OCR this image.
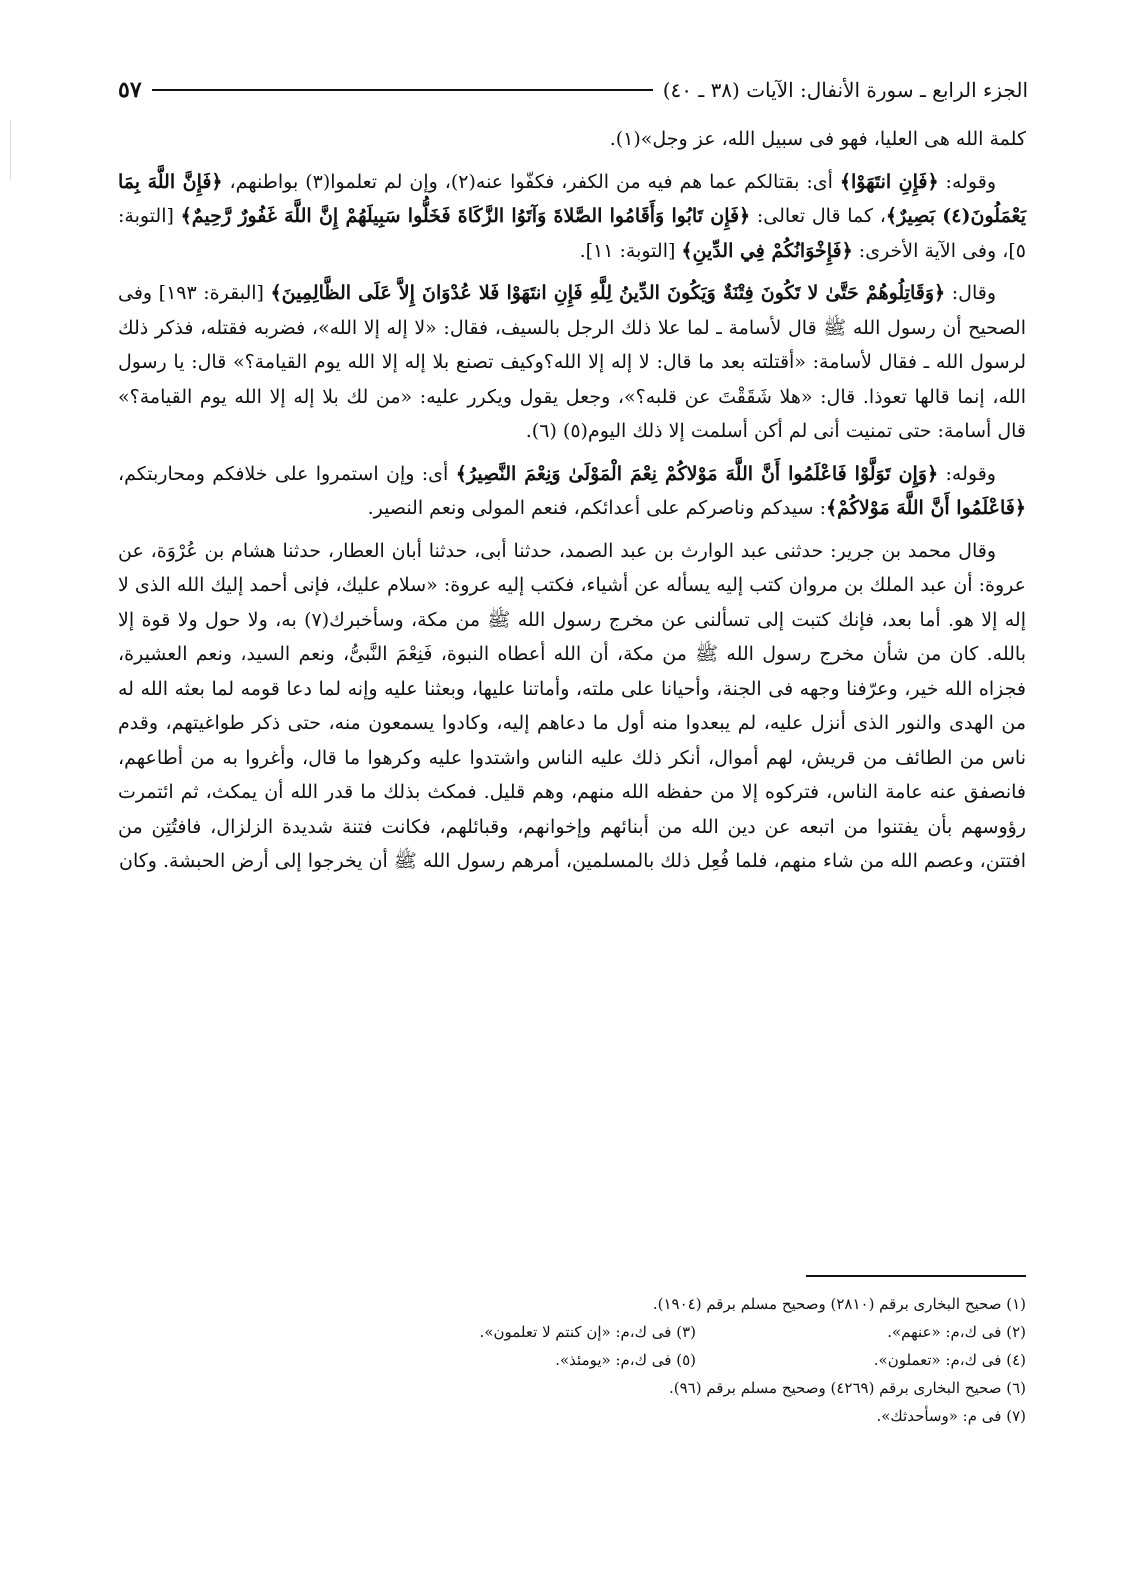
الجزء الرابع ـ سورة الأنفال: الآيات (٣٨ ـ ٤٠)
٥٧

كلمة الله هى العليا، فهو فى سبيل الله، عز وجل»(١).

وقوله: ﴿فَإِنِ انتَهَوْا﴾ أى: بقتالكم عما هم فيه من الكفر، فكفّوا عنه(٢)، وإن لم تعلموا(٣) بواطنهم، ﴿فَإِنَّ اللَّهَ بِمَا يَعْمَلُونَ(٤) بَصِيرٌ﴾، كما قال تعالى: ﴿فَإِن تَابُوا وَأَقَامُوا الصَّلاةَ وَآتَوُا الزَّكَاةَ فَخَلُّوا سَبِيلَهُمْ إِنَّ اللَّهَ غَفُورٌ رَّحِيمٌ﴾ [التوبة: ٥]، وفى الآية الأخرى: ﴿فَإِخْوَانُكُمْ فِي الدِّينِ﴾ [التوبة: ١١].

وقال: ﴿وَقَاتِلُوهُمْ حَتَّىٰ لا تَكُونَ فِتْنَةٌ وَيَكُونَ الدِّينُ لِلَّهِ فَإِنِ انتَهَوْا فَلا عُدْوَانَ إِلاَّ عَلَى الظَّالِمِينَ﴾ [البقرة: ١٩٣] وفى الصحيح أن رسول الله ﷺ قال لأسامة ـ لما علا ذلك الرجل بالسيف، فقال: «لا إله إلا الله»، فضربه فقتله، فذكر ذلك لرسول الله ـ فقال لأسامة: «أقتلته بعد ما قال: لا إله إلا الله؟وكيف تصنع بلا إله إلا الله يوم القيامة؟» قال: يا رسول الله، إنما قالها تعوذا. قال: «هلا شَقَقْتَ عن قلبه؟»، وجعل يقول ويكرر عليه: «من لك بلا إله إلا الله يوم القيامة؟» قال أسامة: حتى تمنيت أنى لم أكن أسلمت إلا ذلك اليوم(٥) (٦).

وقوله: ﴿وَإِن تَوَلَّوْا فَاعْلَمُوا أَنَّ اللَّهَ مَوْلاكُمْ نِعْمَ الْمَوْلَىٰ وَنِعْمَ النَّصِيرُ﴾ أى: وإن استمروا على خلافكم ومحاربتكم، ﴿فَاعْلَمُوا أَنَّ اللَّهَ مَوْلاكُمْ﴾: سيدكم وناصركم على أعدائكم، فنعم المولى ونعم النصير.

وقال محمد بن جرير: حدثنى عبد الوارث بن عبد الصمد، حدثنا أبى، حدثنا أبان العطار، حدثنا هشام بن عُرْوَة، عن عروة: أن عبد الملك بن مروان كتب إليه يسأله عن أشياء، فكتب إليه عروة: «سلام عليك، فإنى أحمد إليك الله الذى لا إله إلا هو. أما بعد، فإنك كتبت إلى تسألنى عن مخرج رسول الله ﷺ من مكة، وسأخبرك(٧) به، ولا حول ولا قوة إلا بالله. كان من شأن مخرج رسول الله ﷺ من مكة، أن الله أعطاه النبوة، فَنِعْمَ النَّبىُّ، ونعم السيد، ونعم العشيرة، فجزاه الله خير، وعرّفنا وجهه فى الجنة، وأحيانا على ملته، وأماتنا عليها، وبعثنا عليه وإنه لما دعا قومه لما بعثه الله له من الهدى والنور الذى أنزل عليه، لم يبعدوا منه أول ما دعاهم إليه، وكادوا يسمعون منه، حتى ذكر طواغيتهم، وقدم ناس من الطائف من قريش، لهم أموال، أنكر ذلك عليه الناس واشتدوا عليه وكرهوا ما قال، وأغروا به من أطاعهم، فانصفق عنه عامة الناس، فتركوه إلا من حفظه الله منهم، وهم قليل. فمكث بذلك ما قدر الله أن يمكث، ثم ائتمرت رؤوسهم بأن يفتنوا من اتبعه عن دين الله من أبنائهم وإخوانهم، وقبائلهم، فكانت فتنة شديدة الزلزال، فافتُتِن من افتتن، وعصم الله من شاء منهم، فلما فُعِل ذلك بالمسلمين، أمرهم رسول الله ﷺ أن يخرجوا إلى أرض الحبشة. وكان

(١) صحيح البخارى برقم (٢٨١٠) وصحيح مسلم برقم (١٩٠٤).
(٢) فى ك،م: «عنهم».
(٣) فى ك،م: «إن كنتم لا تعلمون».
(٤) فى ك،م: «تعملون».
(٥) فى ك،م: «يومئذ».
(٦) صحيح البخارى برقم (٤٢٦٩) وصحيح مسلم برقم (٩٦).
(٧) فى م: «وسأحدثك».
